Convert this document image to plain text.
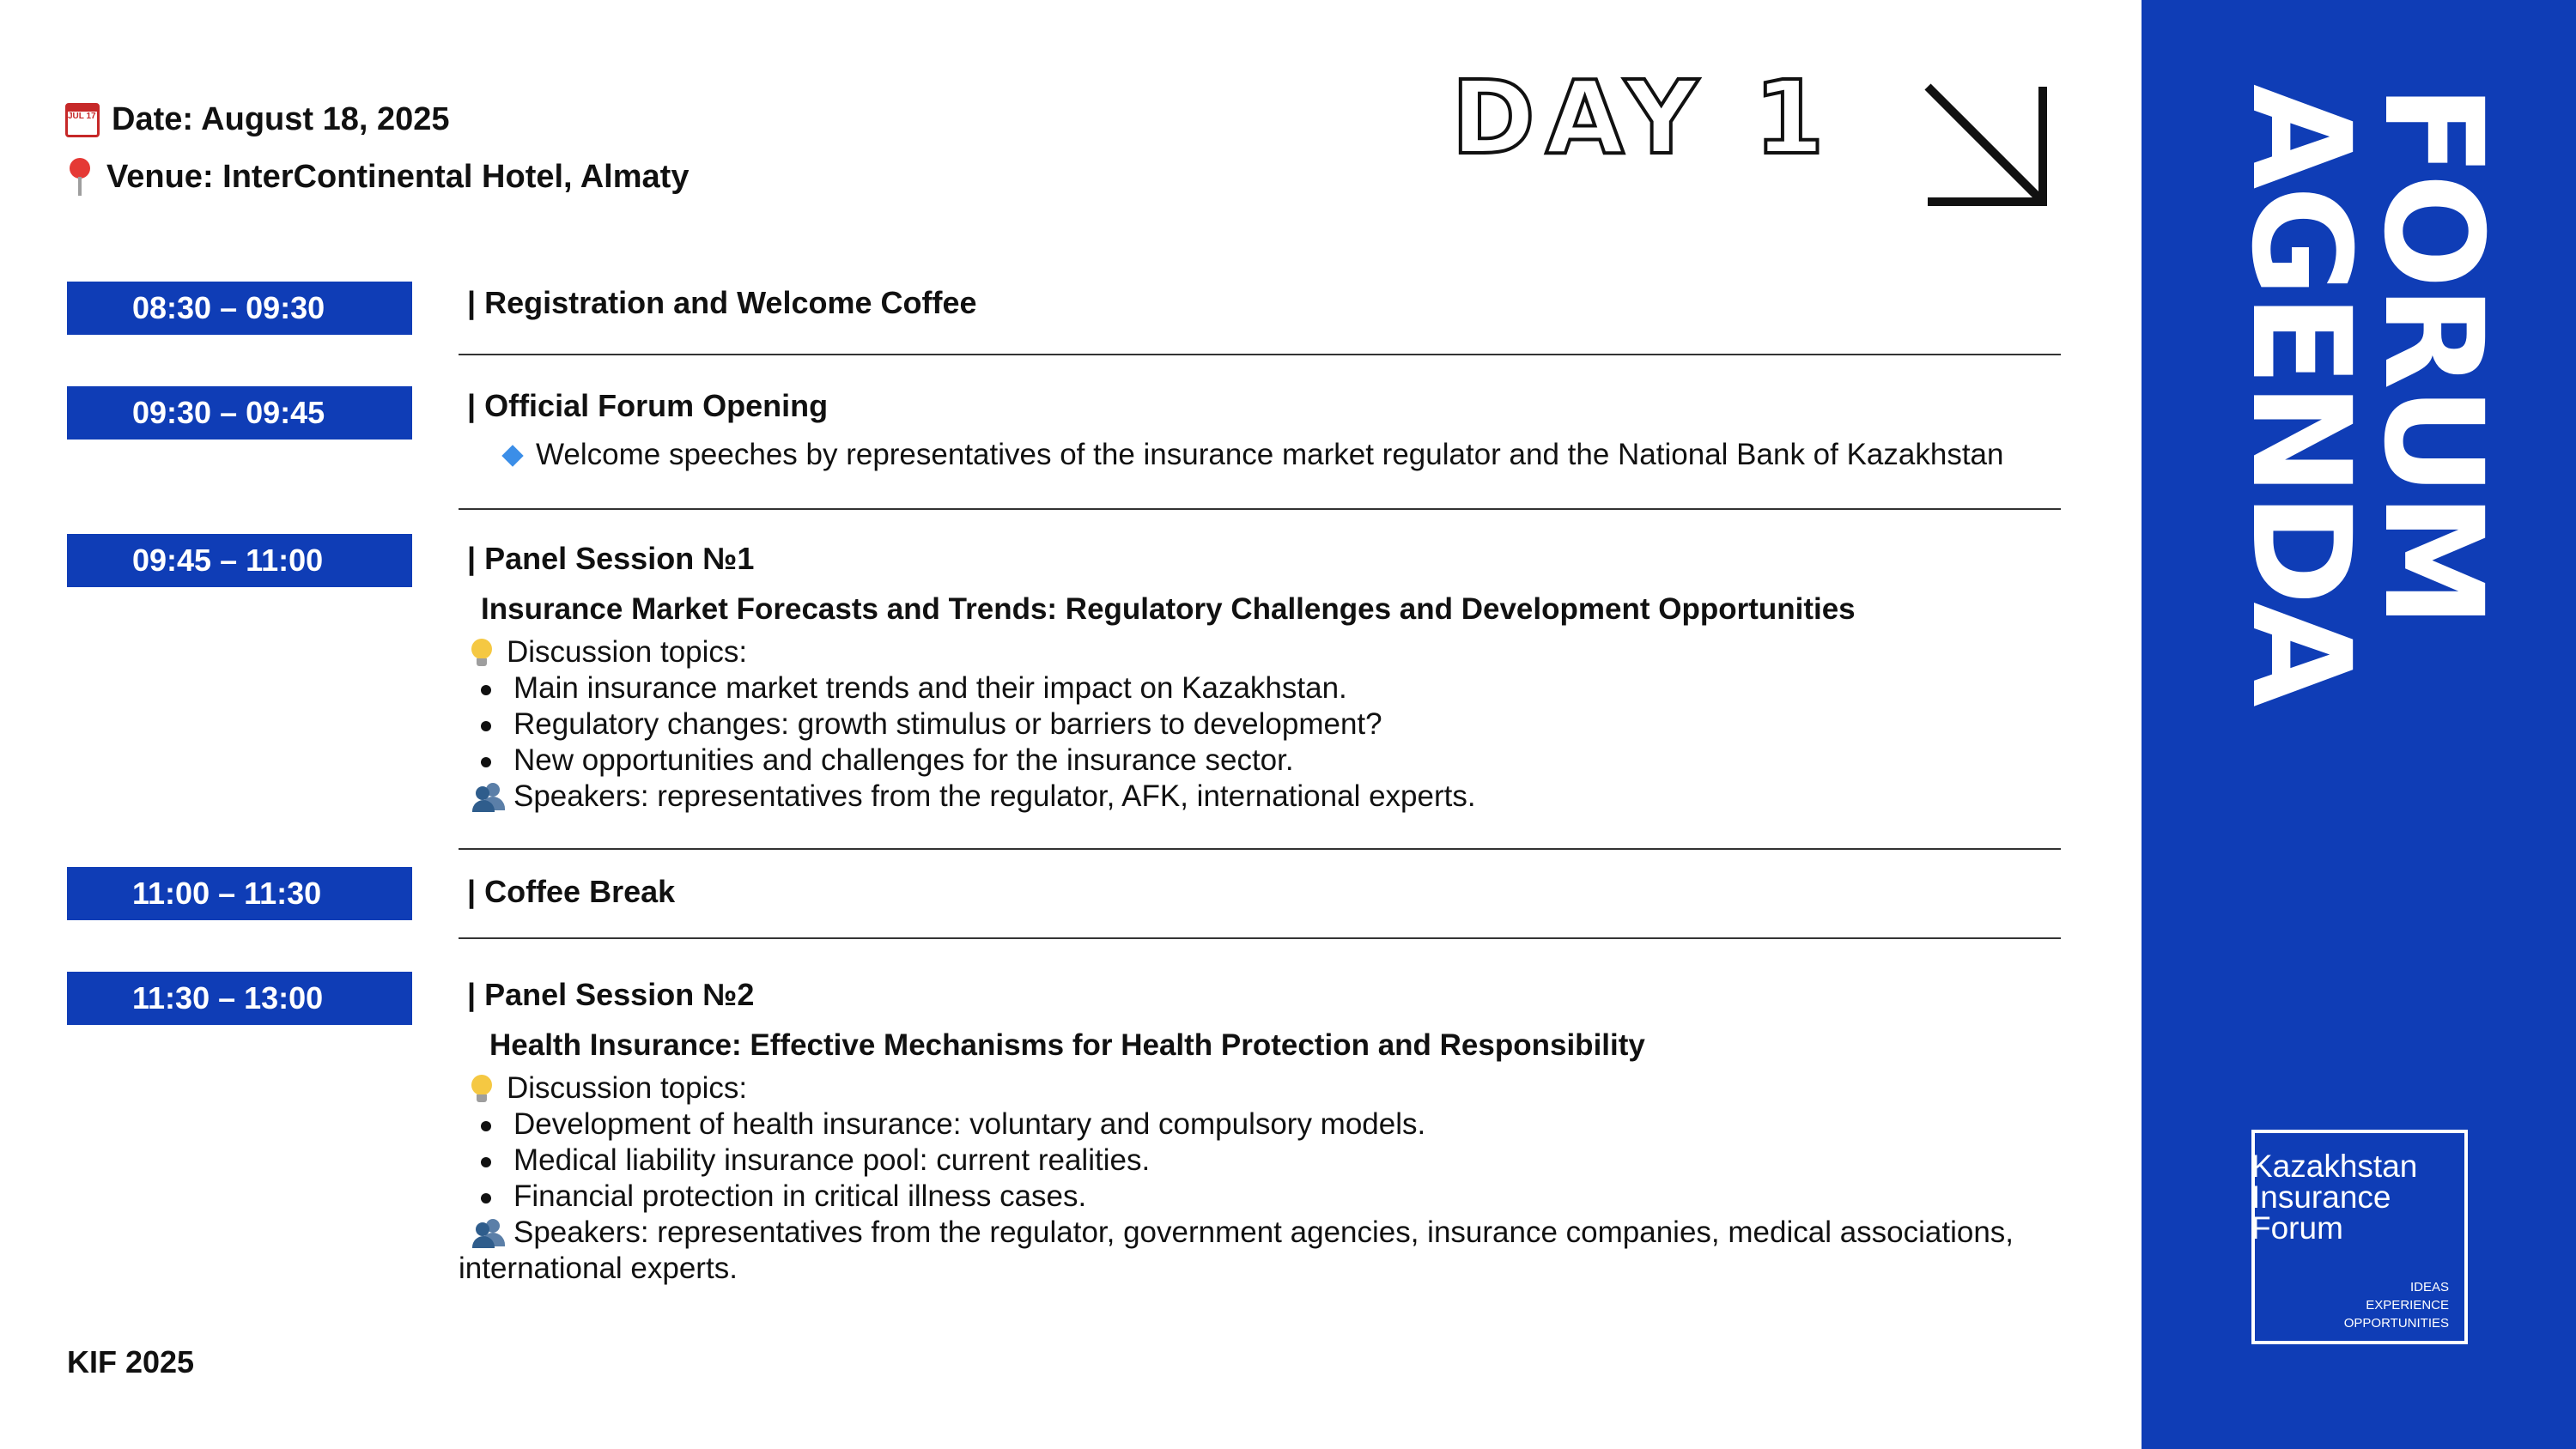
JUL 17 Date: August 18, 2025
Venue: InterContinental Hotel, Almaty	DAY 1
08:30 – 09:30	| Registration and Welcome Coffee
09:30 – 09:45	| Official Forum Opening
Welcome speeches by representatives of the insurance market regulator and the National Bank of Kazakhstan
09:45 – 11:00	| Panel Session №1
Insurance Market Forecasts and Trends: Regulatory Challenges and Development Opportunities
Discussion topics:
Main insurance market trends and their impact on Kazakhstan.
Regulatory changes: growth stimulus or barriers to development?
New opportunities and challenges for the insurance sector.
Speakers: representatives from the regulator, AFK, international experts.
11:00 – 11:30	| Coffee Break
11:30 – 13:00	| Panel Session №2
Health Insurance: Effective Mechanisms for Health Protection and Responsibility
Discussion topics:
Development of health insurance: voluntary and compulsory models.
Medical liability insurance pool: current realities.
Financial protection in critical illness cases.
Speakers: representatives from the regulator, government agencies, insurance companies, medical associations,
international experts.
KIF 2025
FORUM
AGENDA
Kazakhstan
Insurance
Forum
IDEAS
EXPERIENCE
OPPORTUNITIES
